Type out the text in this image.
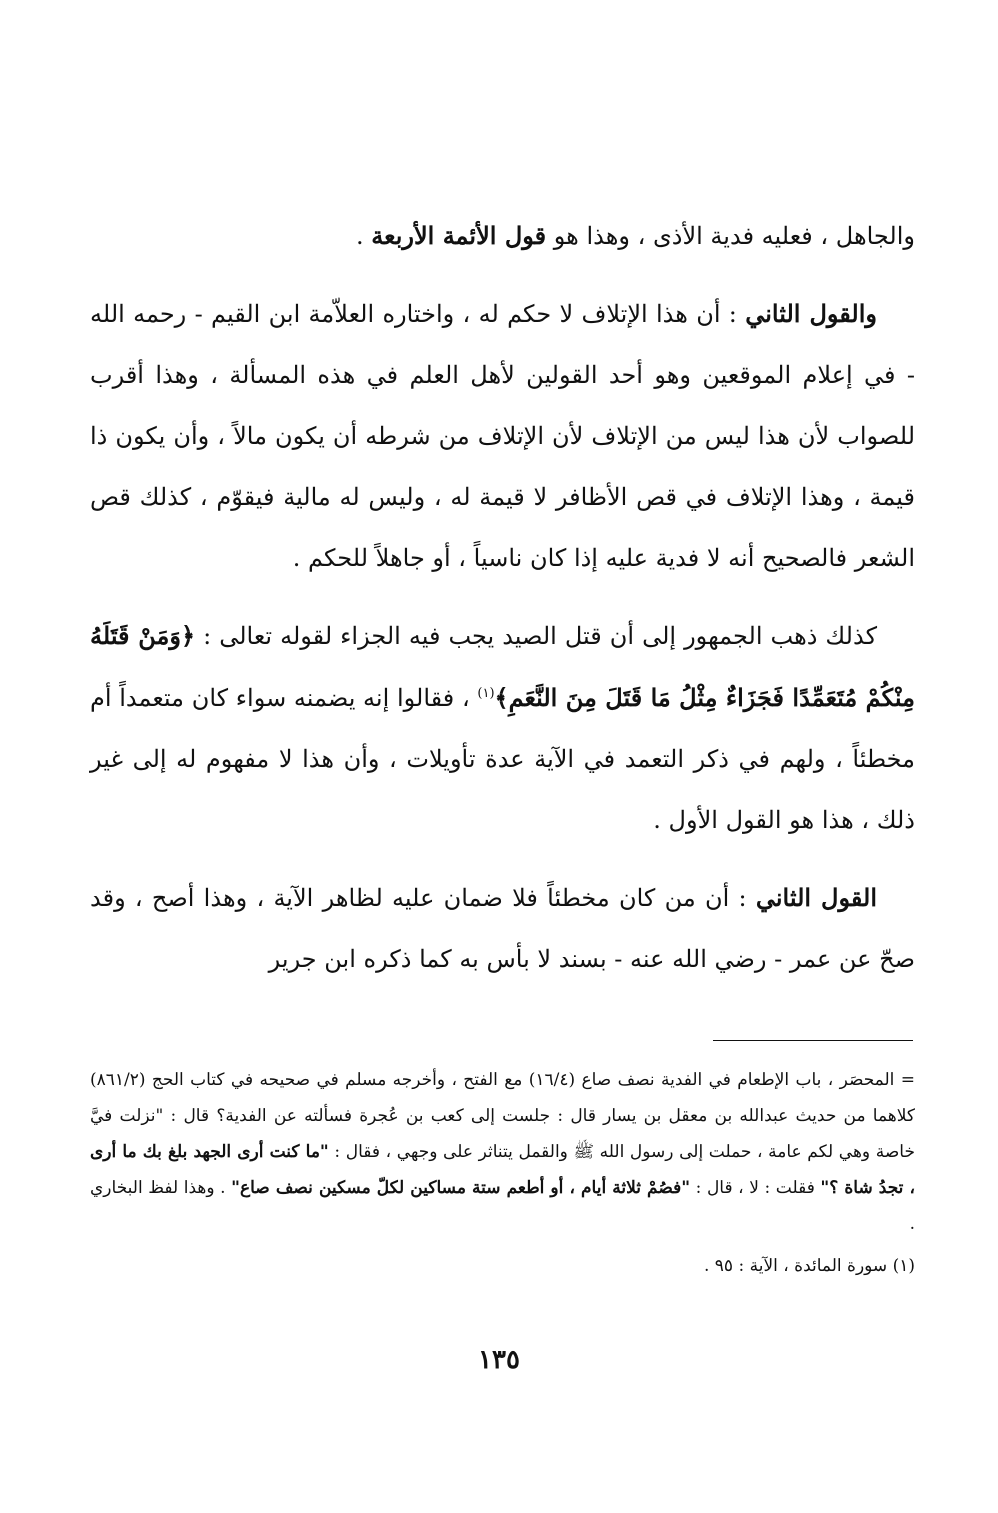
والجاهل ، فعليه فدية الأذى ، وهذا هو قول الأئمة الأربعة .

والقول الثاني : أن هذا الإتلاف لا حكم له ، واختاره العلاّمة ابن القيم - رحمه الله - في إعلام الموقعين وهو أحد القولين لأهل العلم في هذه المسألة ، وهذا أقرب للصواب لأن هذا ليس من الإتلاف لأن الإتلاف من شرطه أن يكون مالاً ، وأن يكون ذا قيمة ، وهذا الإتلاف في قص الأظافر لا قيمة له ، وليس له مالية فيقوّم ، كذلك قص الشعر فالصحيح أنه لا فدية عليه إذا كان ناسياً ، أو جاهلاً للحكم .

كذلك ذهب الجمهور إلى أن قتل الصيد يجب فيه الجزاء لقوله تعالى : ﴿وَمَنْ قَتَلَهُ مِنْكُمْ مُتَعَمِّدًا فَجَزَاءٌ مِثْلُ مَا قَتَلَ مِنَ النَّعَمِ﴾$^{(١)}$ ، فقالوا إنه يضمنه سواء كان متعمداً أم مخطئاً ، ولهم في ذكر التعمد في الآية عدة تأويلات ، وأن هذا لا مفهوم له إلى غير ذلك ، هذا هو القول الأول .

القول الثاني : أن من كان مخطئاً فلا ضمان عليه لظاهر الآية ، وهذا أصح ، وقد صحّ عن عمر - رضي الله عنه - بسند لا بأس به كما ذكره ابن جرير

= المحصَر ، باب الإطعام في الفدية نصف صاع (١٦/٤) مع الفتح ، وأخرجه مسلم في صحيحه في كتاب الحج (٨٦١/٢) كلاهما من حديث عبدالله بن معقل بن يسار قال : جلست إلى كعب بن عُجرة فسألته عن الفدية؟ قال : "نزلت فيَّ خاصة وهي لكم عامة ، حملت إلى رسول الله ﷺ والقمل يتناثر على وجهي ، فقال : "ما كنت أرى الجهد بلغ بك ما أرى ، تجدُ شاة ؟" فقلت : لا ، قال : "فصُمْ ثلاثة أيام ، أو أطعم ستة مساكين لكلّ مسكين نصف صاع" . وهذا لفظ البخاري .

(١) سورة المائدة ، الآية : ٩٥ .

١٣٥
